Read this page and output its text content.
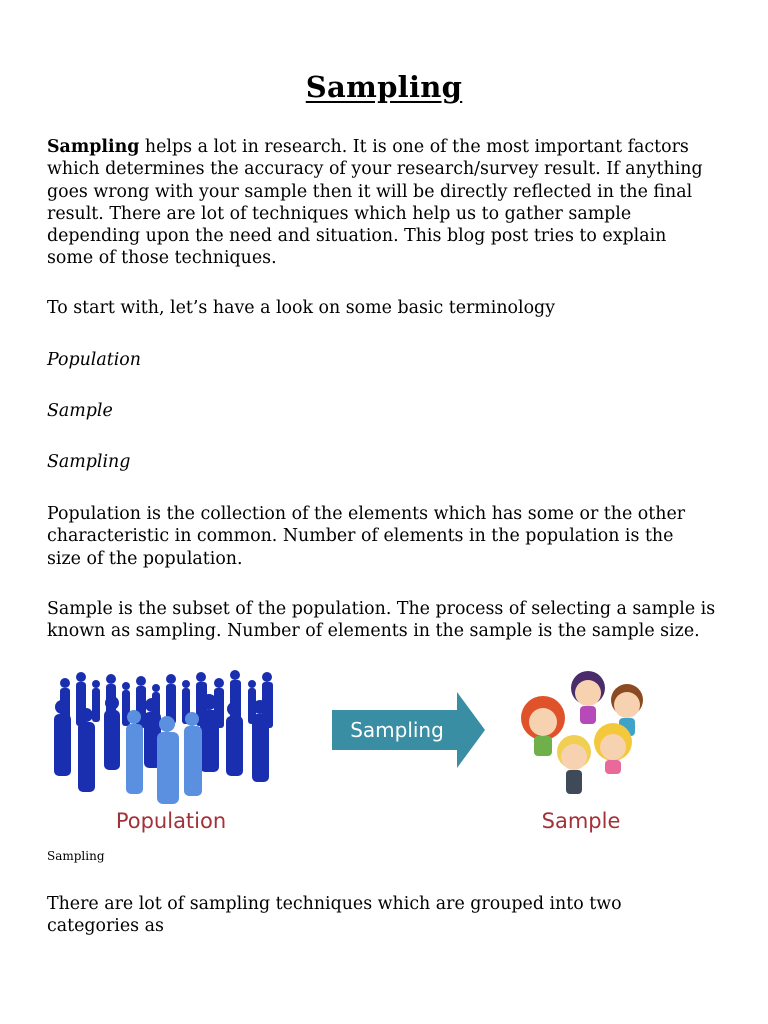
Sampling

Sampling helps a lot in research. It is one of the most important factors
which determines the accuracy of your research/survey result. If anything
goes wrong with your sample then it will be directly reflected in the final
result. There are lot of techniques which help us to gather sample
depending upon the need and situation. This blog post tries to explain
some of those techniques.

To start with, let’s have a look on some basic terminology

Population

Sample

Sampling

Population is the collection of the elements which has some or the other
characteristic in common. Number of elements in the population is the
size of the population.

Sample is the subset of the population. The process of selecting a sample is
known as sampling. Number of elements in the sample is the sample size.

Population
Sampling
Sample
Sampling

There are lot of sampling techniques which are grouped into two
categories as
